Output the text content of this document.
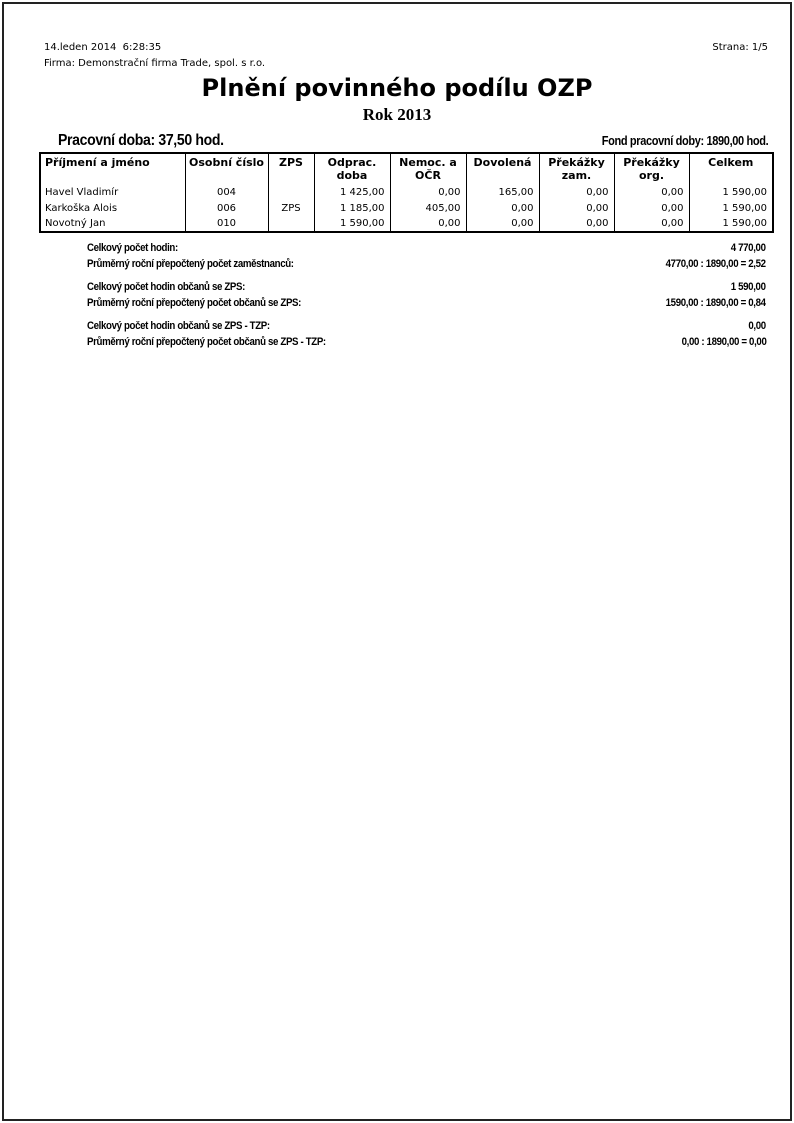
14.leden 2014  6:28:35
Firma: Demonstrační firma Trade, spol. s r.o.
Strana: 1/5
Plnění povinného podílu OZP
Rok 2013
Pracovní doba: 37,50 hod.	Fond pracovní doby: 1890,00 hod.
Příjmení a jméno	Osobní číslo	ZPS	Odprac. doba	Nemoc. a OČR	Dovolená	Překážky zam.	Překážky org.	Celkem
Havel Vladimír	004		1 425,00	0,00	165,00	0,00	0,00	1 590,00
Karkoška Alois	006	ZPS	1 185,00	405,00	0,00	0,00	0,00	1 590,00
Novotný Jan	010		1 590,00	0,00	0,00	0,00	0,00	1 590,00
Celkový počet hodin:	4 770,00
Průměrný roční přepočtený počet zaměstnanců:	4770,00 : 1890,00 = 2,52
Celkový počet hodin občanů se ZPS:	1 590,00
Průměrný roční přepočtený počet občanů se ZPS:	1590,00 : 1890,00 = 0,84
Celkový počet hodin občanů se ZPS - TZP:	0,00
Průměrný roční přepočtený počet občanů se ZPS - TZP:	0,00 : 1890,00 = 0,00
